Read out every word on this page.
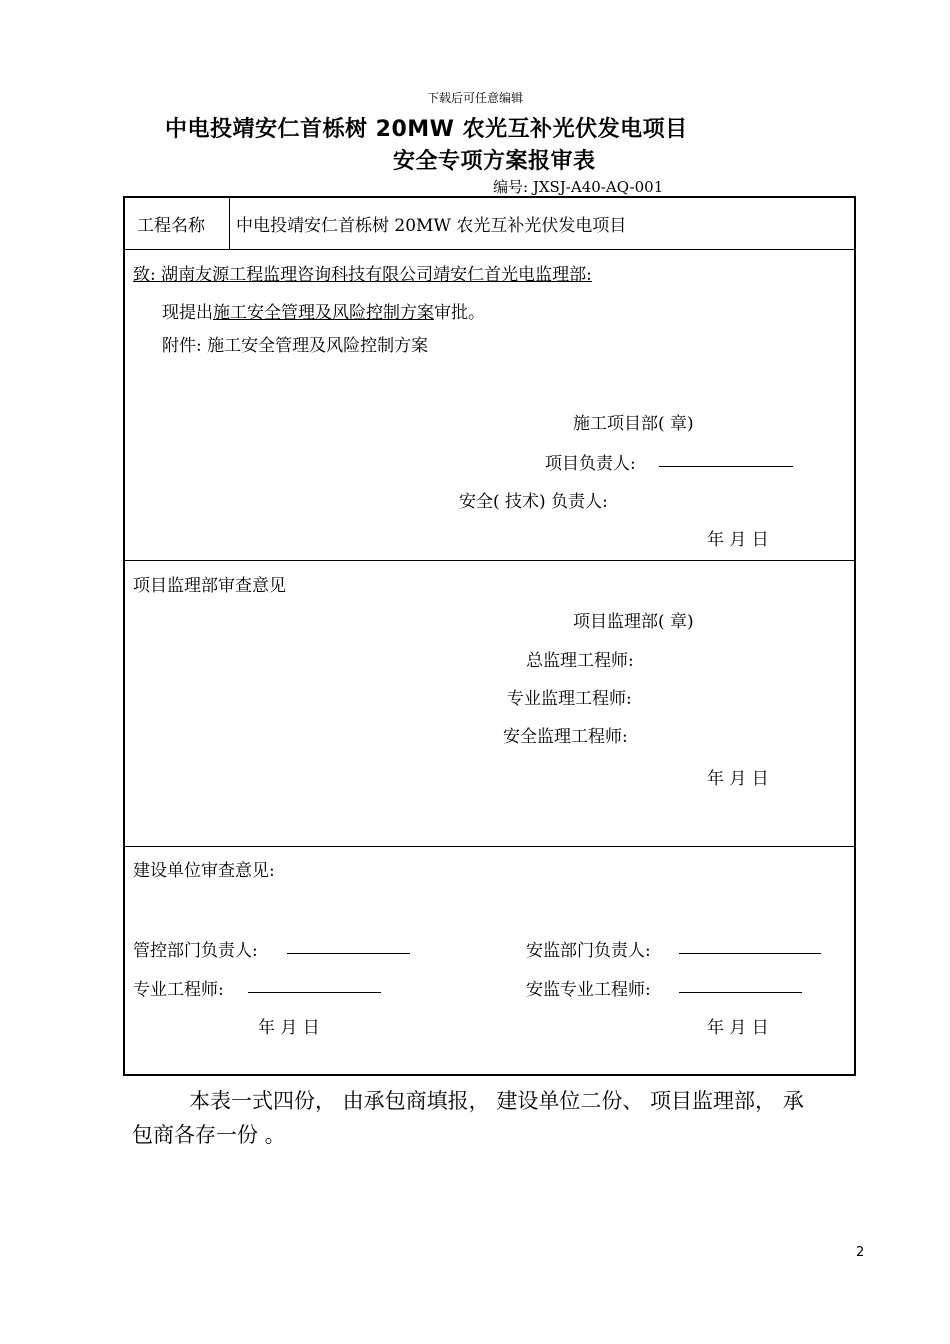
下载后可任意编辑
中电投靖安仁首栎树 20MW 农光互补光伏发电项目
安全专项方案报审表
编号: JXSJ-A40-AQ-001
工程名称 中电投靖安仁首栎树 20MW 农光互补光伏发电项目
致: 湖南友源工程监理咨询科技有限公司靖安仁首光电监理部:
现提出施工安全管理及风险控制方案审批。
附件: 施工安全管理及风险控制方案
施工项目部( 章)
项目负责人:
安全( 技术) 负责人:
年 月 日
项目监理部审查意见
项目监理部( 章)
总监理工程师:
专业监理工程师:
安全监理工程师:
年 月 日
建设单位审查意见:
管控部门负责人:	安监部门负责人:
专业工程师:	安监专业工程师:
年 月 日	年 月 日
本表一式四份， 由承包商填报， 建设单位二份、 项目监理部， 承
包商各存一份 。
2
